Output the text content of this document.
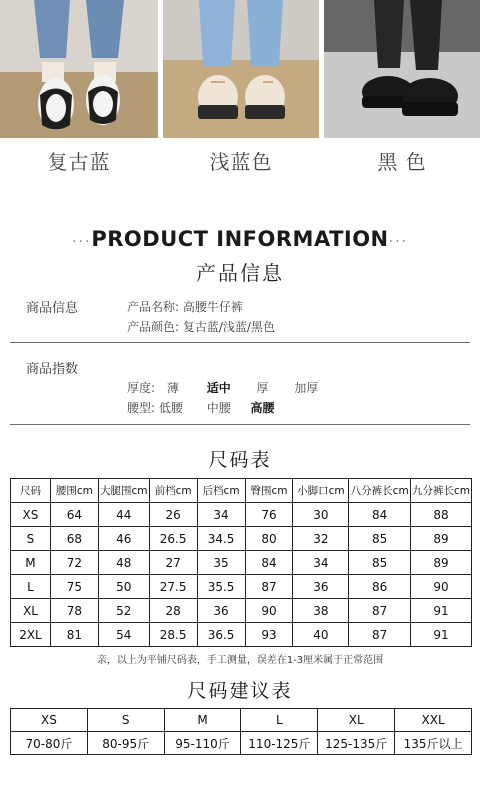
复古蓝	浅蓝色	黑 色
···PRODUCT INFORMATION···
产品信息
商品信息	产品名称: 高腰牛仔裤
产品颜色: 复古蓝/浅蓝/黑色
商品指数
厚度: 薄 适中 厚 加厚
腰型: 低腰 中腰 高腰
尺码表
尺码	腰围cm	大腿围cm	前档cm	后档cm	臀围cm	小脚口cm	八分裤长cm	九分裤长cm
XS	64	44	26	34	76	30	84	88
S	68	46	26.5	34.5	80	32	85	89
M	72	48	27	35	84	34	85	89
L	75	50	27.5	35.5	87	36	86	90
XL	78	52	28	36	90	38	87	91
2XL	81	54	28.5	36.5	93	40	87	91
亲，以上为平铺尺码表，手工测量，误差在1-3厘米属于正常范围
尺码建议表
XS	S	M	L	XL	XXL
70-80斤	80-95斤	95-110斤	110-125斤	125-135斤	135斤以上
